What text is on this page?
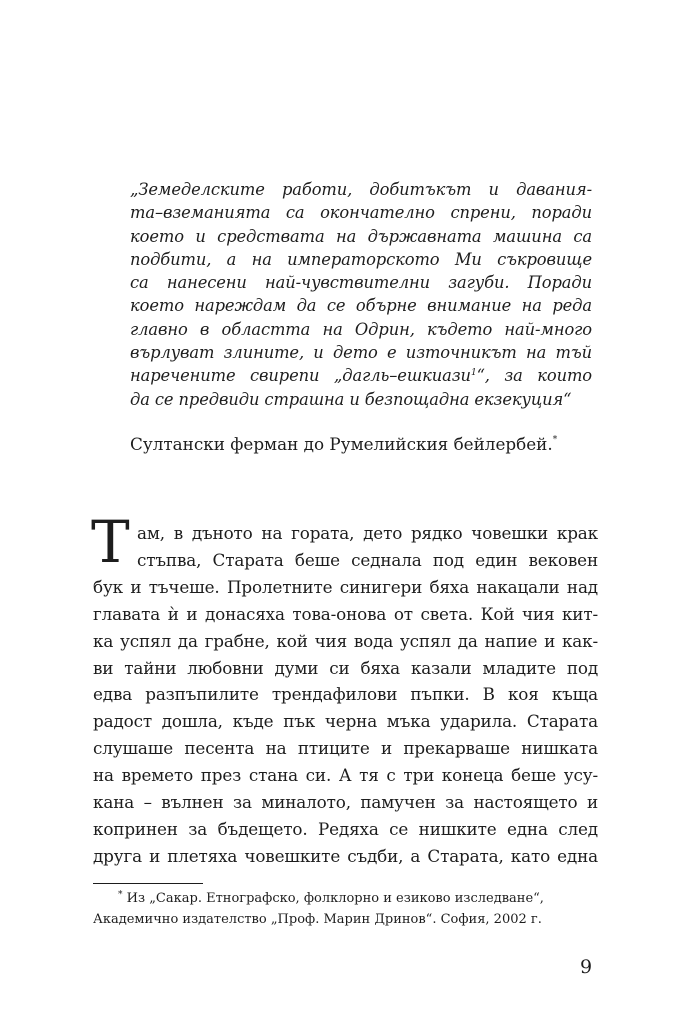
„Земеделските работи, добитъкът и давания-
та–вземанията са окончателно спрени, поради
което и средствата на държавната машина са
подбити, а на императорското Ми съкровище
са нанесени най-чувствителни загуби. Поради
което нареждам да се обърне внимание на реда
главно в областта на Одрин, където най-много
върлуват злините, и дето е източникът на тъй
наречените свирепи „дагль–ешкиази$^1$“, за които
да се предвиди страшна и безпощадна екзекуция“
Султански ферман до Румелийския бейлербей.*
Т ам, в дъното на гората, дето рядко човешки крак
стъпва, Старата беше седнала под един вековен
бук и тъчеше. Пролетните синигери бяха накацали над
главата ѝ и донасяха това-онова от света. Кой чия кит-
ка успял да грабне, кой чия вода успял да напие и как-
ви тайни любовни думи си бяха казали младите под
едва разпъпилите трендафилови пъпки. В коя къща
радост дошла, къде пък черна мъка ударила. Старата
слушаше песента на птиците и прекарваше нишката
на времето през стана си. А тя с три конеца беше усу-
кана – вълнен за миналото, памучен за настоящето и
копринен за бъдещето. Редяха се нишките една след
друга и плетяха човешките съдби, а Старата, като една
* Из „Сакар. Етнографско, фолклорно и езиково изследване“,
Академично издателство „Проф. Марин Дринов“. София, 2002 г.
9
